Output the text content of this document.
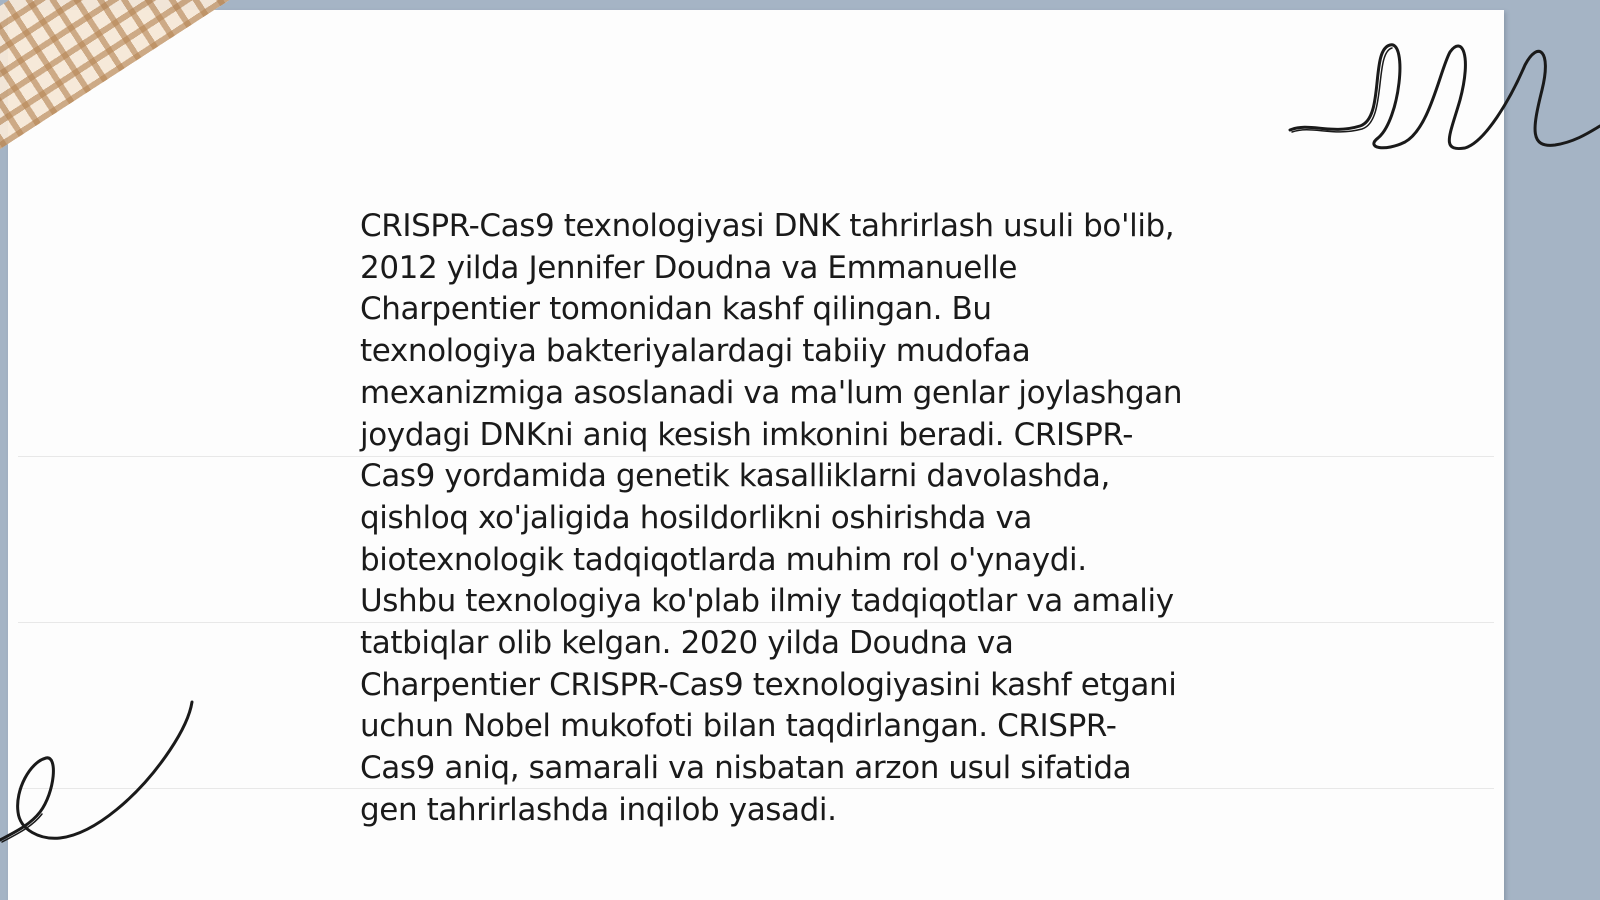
CRISPR-Cas9 texnologiyasi DNK tahrirlash usuli bo'lib,
2012 yilda Jennifer Doudna va Emmanuelle
Charpentier tomonidan kashf qilingan. Bu
texnologiya bakteriyalardagi tabiiy mudofaa
mexanizmiga asoslanadi va ma'lum genlar joylashgan
joydagi DNKni aniq kesish imkonini beradi. CRISPR-
Cas9 yordamida genetik kasalliklarni davolashda,
qishloq xo'jaligida hosildorlikni oshirishda va
biotexnologik tadqiqotlarda muhim rol o'ynaydi.
Ushbu texnologiya ko'plab ilmiy tadqiqotlar va amaliy
tatbiqlar olib kelgan. 2020 yilda Doudna va
Charpentier CRISPR-Cas9 texnologiyasini kashf etgani
uchun Nobel mukofoti bilan taqdirlangan. CRISPR-
Cas9 aniq, samarali va nisbatan arzon usul sifatida
gen tahrirlashda inqilob yasadi.
